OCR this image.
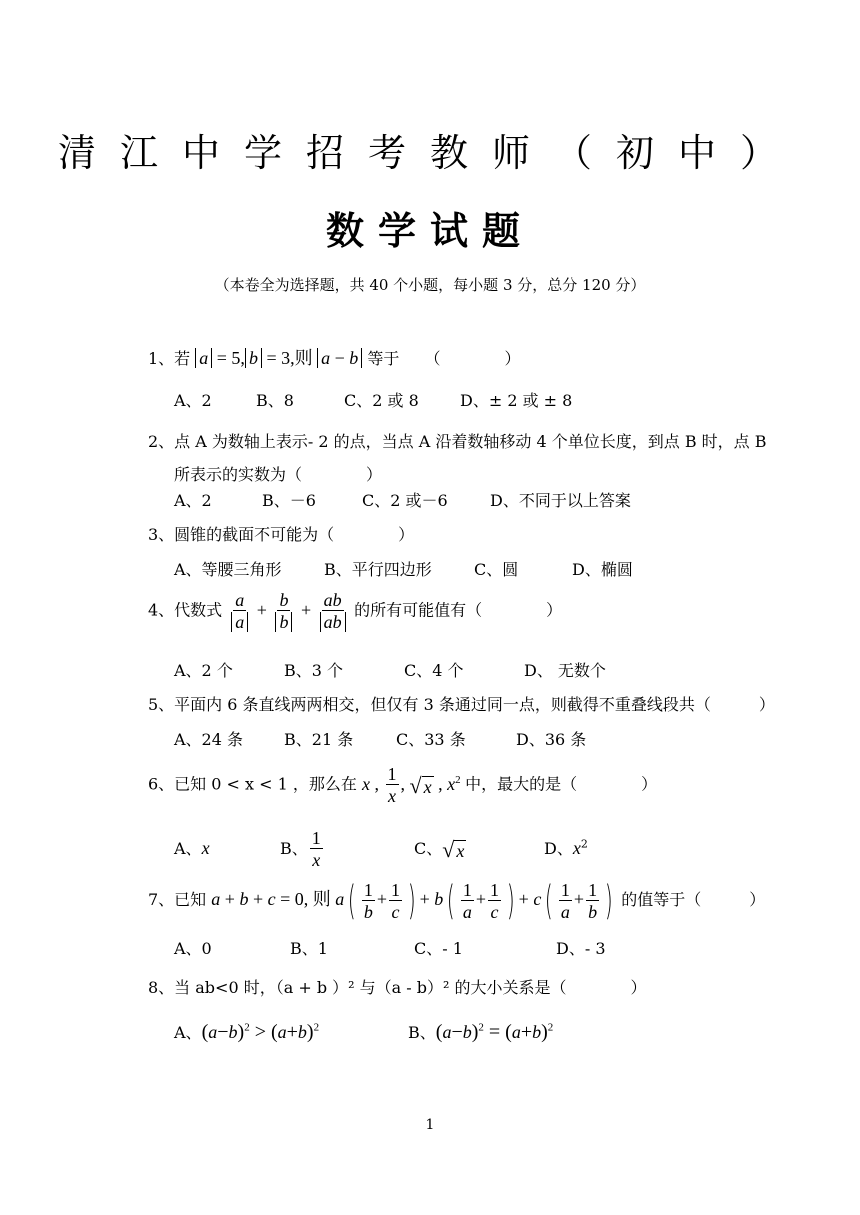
清江中学招考教师（初中）
数学试题
（本卷全为选择题，共 40 个小题，每小题 3 分，总分 120 分）
1、若 a = 5, b = 3,则 a − b 等于 （　　　　）
A、2	B、8	C、2 或 8	D、± 2 或 ± 8
2、点 A 为数轴上表示- 2 的点，当点 A 沿着数轴移动 4 个单位长度，到点 B 时，点 B
所表示的实数为（　　　　）
A、2	B、－6	C、2 或－6	D、不同于以上答案
3、圆锥的截面不可能为（　　　　）
A、等腰三角形	B、平行四边形	C、圆	D、椭圆
4、代数式 $\frac{a}{a} + \frac{b}{b} + \frac{ab}{ab}$ 的所有可能值有（　　　　）
A、2 个	B、3 个	C、4 个	D、 无数个
5、平面内 6 条直线两两相交，但仅有 3 条通过同一点，则截得不重叠线段共（　　　）
A、24 条	B、21 条	C、33 条	D、36 条
6、已知 0 < x < 1 ，那么在 x , $\frac{1}{x}$ , √ x , $x^2$ 中，最大的是（　　　　）
A、x	B、 $\frac{1}{x}$	C、√ x	D、$x^2$
7、已知 a + b + c = 0, 则 $a( \frac{1}{b} + \frac{1}{c}$ ) + $b( \frac{1}{a} + \frac{1}{c}$ ) + $c( \frac{1}{a} + \frac{1}{b}$ ) 的值等于（　　　）
A、0	B、1	C、- 1	D、- 3
8、当 ab<0 时，（a + b ）² 与（a - b）² 的大小关系是（　　　　）
A、$(a-b)^2 > (a+b)^2$	B、$(a-b)^2 = (a+b)^2$
1
